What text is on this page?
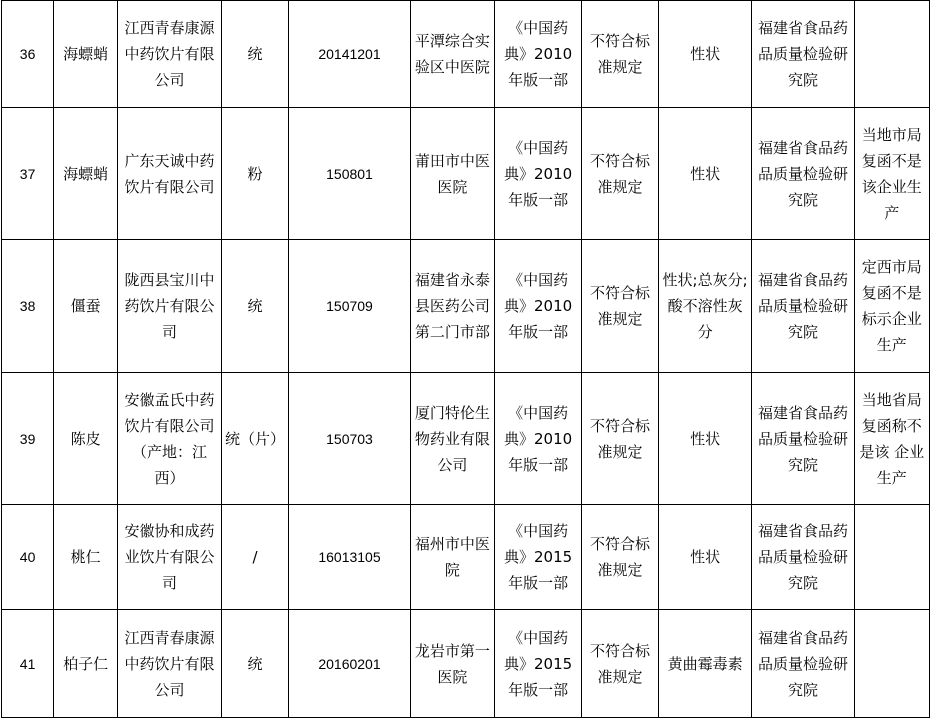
36	海螵蛸	江西青春康源中药饮片有限公司	统	20141201	平潭综合实验区中医院	《中国药典》2010年版一部	不符合标准规定	性状	福建省食品药品质量检验研究院	
37	海螵蛸	广东天诚中药饮片有限公司	粉	150801	莆田市中医医院	《中国药典》2010年版一部	不符合标准规定	性状	福建省食品药品质量检验研究院	当地市局复函不是该企业生产
38	僵蚕	陇西县宝川中药饮片有限公司	统	150709	福建省永泰县医药公司第二门市部	《中国药典》2010年版一部	不符合标准规定	性状;总灰分;酸不溶性灰分	福建省食品药品质量检验研究院	定西市局复函不是标示企业生产
39	陈皮	安徽孟氏中药饮片有限公司（产地：江西）	统（片）	150703	厦门特伦生物药业有限公司	《中国药典》2010年版一部	不符合标准规定	性状	福建省食品药品质量检验研究院	当地省局复函称不是该 企业生产
40	桃仁	安徽协和成药业饮片有限公司	/	16013105	福州市中医院	《中国药典》2015年版一部	不符合标准规定	性状	福建省食品药品质量检验研究院	
41	柏子仁	江西青春康源中药饮片有限公司	统	20160201	龙岩市第一医院	《中国药典》2015年版一部	不符合标准规定	黄曲霉毒素	福建省食品药品质量检验研究院	
